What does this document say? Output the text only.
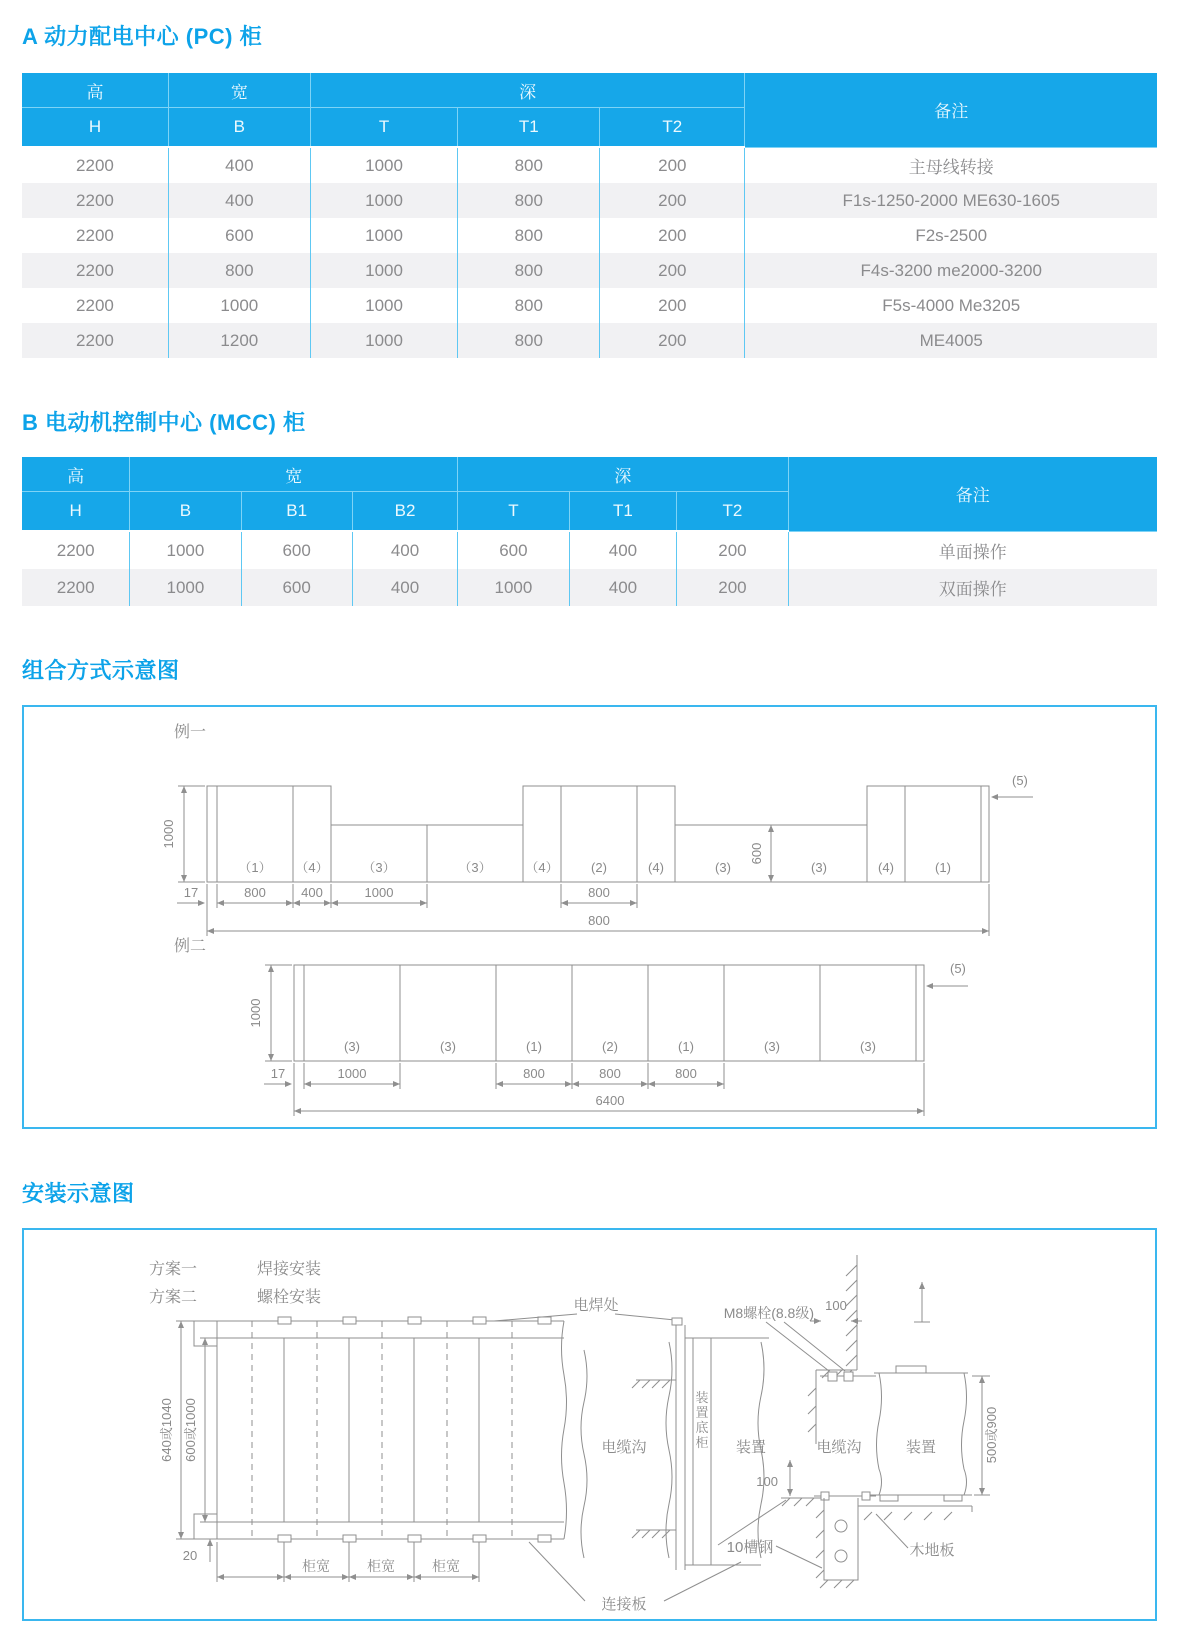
A 动力配电中心 (PC) 柜
高	宽	深			备注
H	B	T	T1	T2	
2200	400	1000	800	200	主母线转接
2200	400	1000	800	200	F1s-1250-2000 ME630-1605
2200	600	1000	800	200	F2s-2500
2200	800	1000	800	200	F4s-3200 me2000-3200
2200	1000	1000	800	200	F5s-4000 Me3205
2200	1200	1000	800	200	ME4005
B 电动机控制中心 (MCC) 柜
高	宽			深			备注
H	B	B1	B2	T	T1	T2	
2200	1000	600	400	600	400	200	单面操作
2200	1000	600	400	1000	400	200	双面操作
组合方式示意图
例一
（1） （4）	（3）	（3）	（4） (2)	(4)	(3)	(3)	(4)	(1)
1000
17	800	400	1000	800
600
800
(5)
例二
(3)	(3)	(1)	(2)	(1)	(3)	(3)
1000
17	1000	800	800	800
6400
(5)
安装示意图
方案一	焊接安装
方案二	螺栓安装
640或1040 600或1000
20
柜宽	柜宽	柜宽
连接板
电焊处
电缆沟
装置底柜 装置
M8螺栓(8.8级) 100
电缆沟	装置	500或900
100
10槽钢	木地板
